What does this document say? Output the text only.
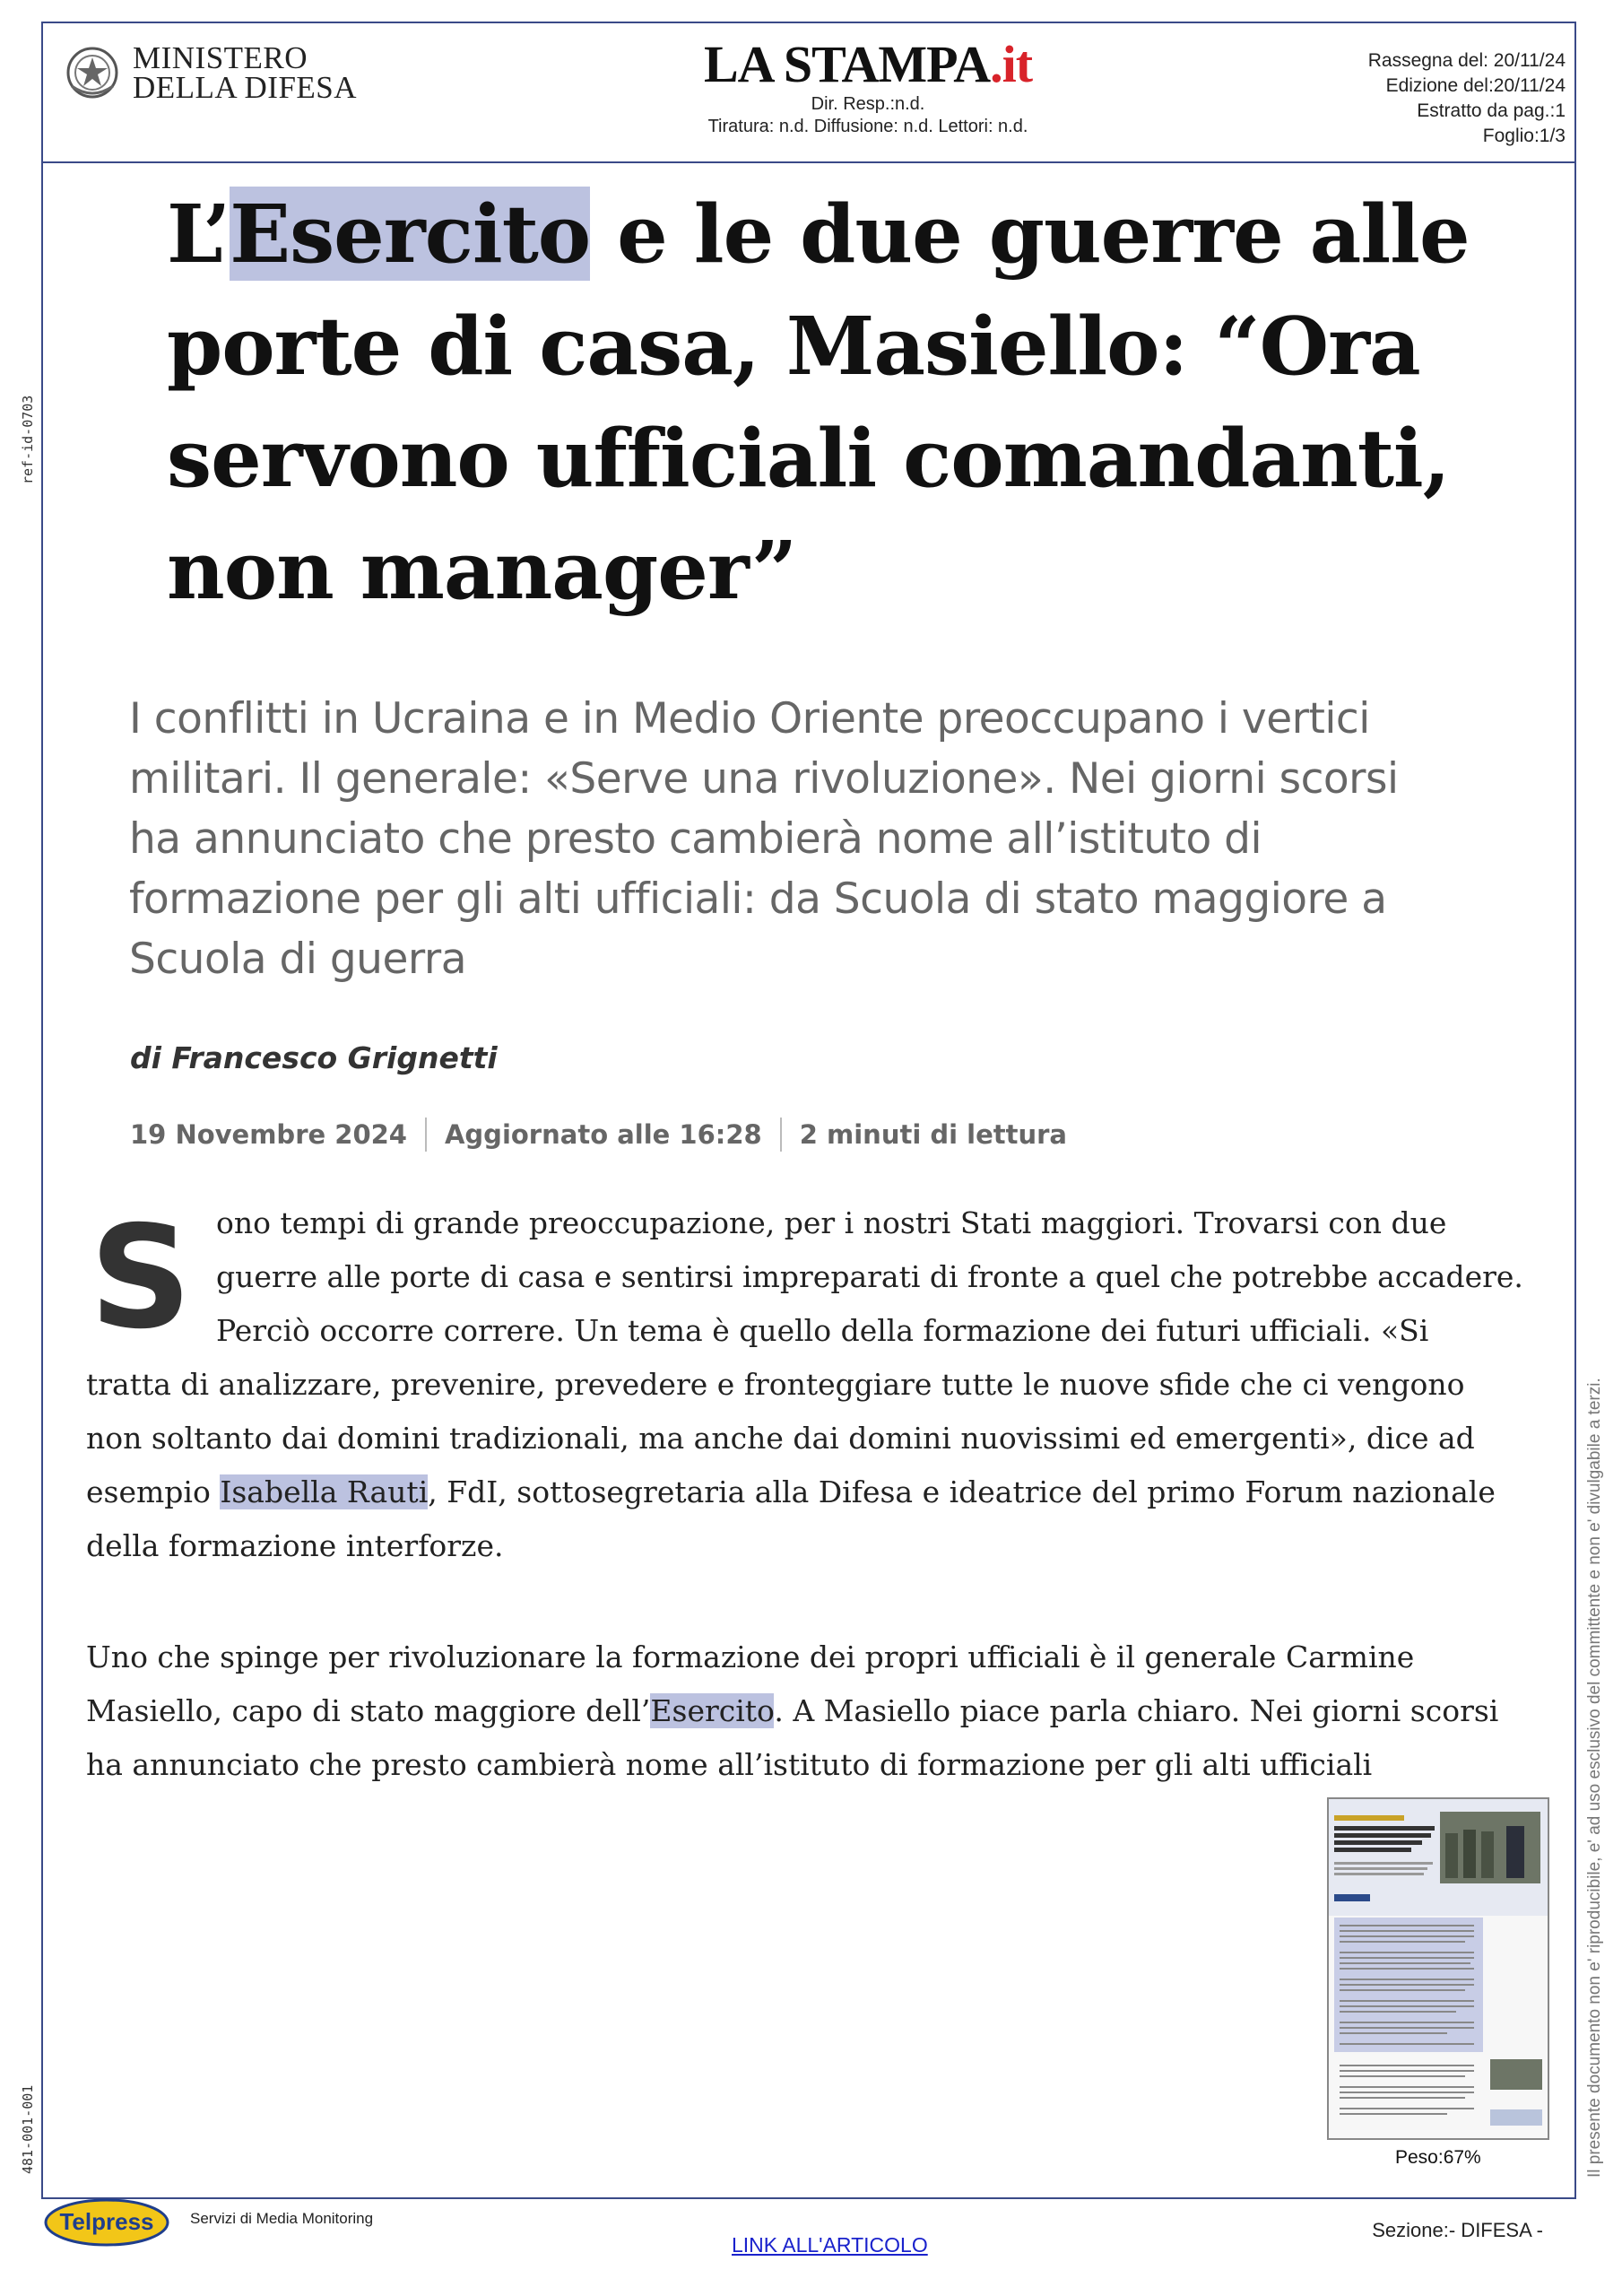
MINISTERO
DELLA DIFESA	LA STAMPA.it
Dir. Resp.:n.d.
Tiratura: n.d. Diffusione: n.d. Lettori: n.d.
Rassegna del: 20/11/24
Edizione del:20/11/24
Estratto da pag.:1
Foglio:1/3
L’Esercito e le due guerre alle
porte di casa, Masiello: “Ora
servono ufficiali comandanti,
non manager”
I conflitti in Ucraina e in Medio Oriente preoccupano i vertici
militari. Il generale: «Serve una rivoluzione». Nei giorni scorsi
ha annunciato che presto cambierà nome all’istituto di
formazione per gli alti ufficiali: da Scuola di stato maggiore a
Scuola di guerra
di Francesco Grignetti
19 Novembre 2024 Aggiornato alle 16:28 2 minuti di lettura
S ono tempi di grande preoccupazione, per i nostri Stati maggiori. Trovarsi con due
guerre alle porte di casa e sentirsi impreparati di fronte a quel che potrebbe accadere.
Perciò occorre correre. Un tema è quello della formazione dei futuri ufficiali. «Si
tratta di analizzare, prevenire, prevedere e fronteggiare tutte le nuove sfide che ci vengono
non soltanto dai domini tradizionali, ma anche dai domini nuovissimi ed emergenti», dice ad
esempio Isabella Rauti, FdI, sottosegretaria alla Difesa e ideatrice del primo Forum nazionale
della formazione interforze.
Uno che spinge per rivoluzionare la formazione dei propri ufficiali è il generale Carmine
Masiello, capo di stato maggiore dell’Esercito. A Masiello piace parla chiaro. Nei giorni scorsi
ha annunciato che presto cambierà nome all’istituto di formazione per gli alti ufficiali
Peso:67%	Il presente documento non e' riproducibile, e' ad uso esclusivo del committente e non e' divulgabile a terzi.
ref-id-0703
481-001-001
Telpress Servizi di Media Monitoring
LINK ALL'ARTICOLO
Sezione:- DIFESA -
